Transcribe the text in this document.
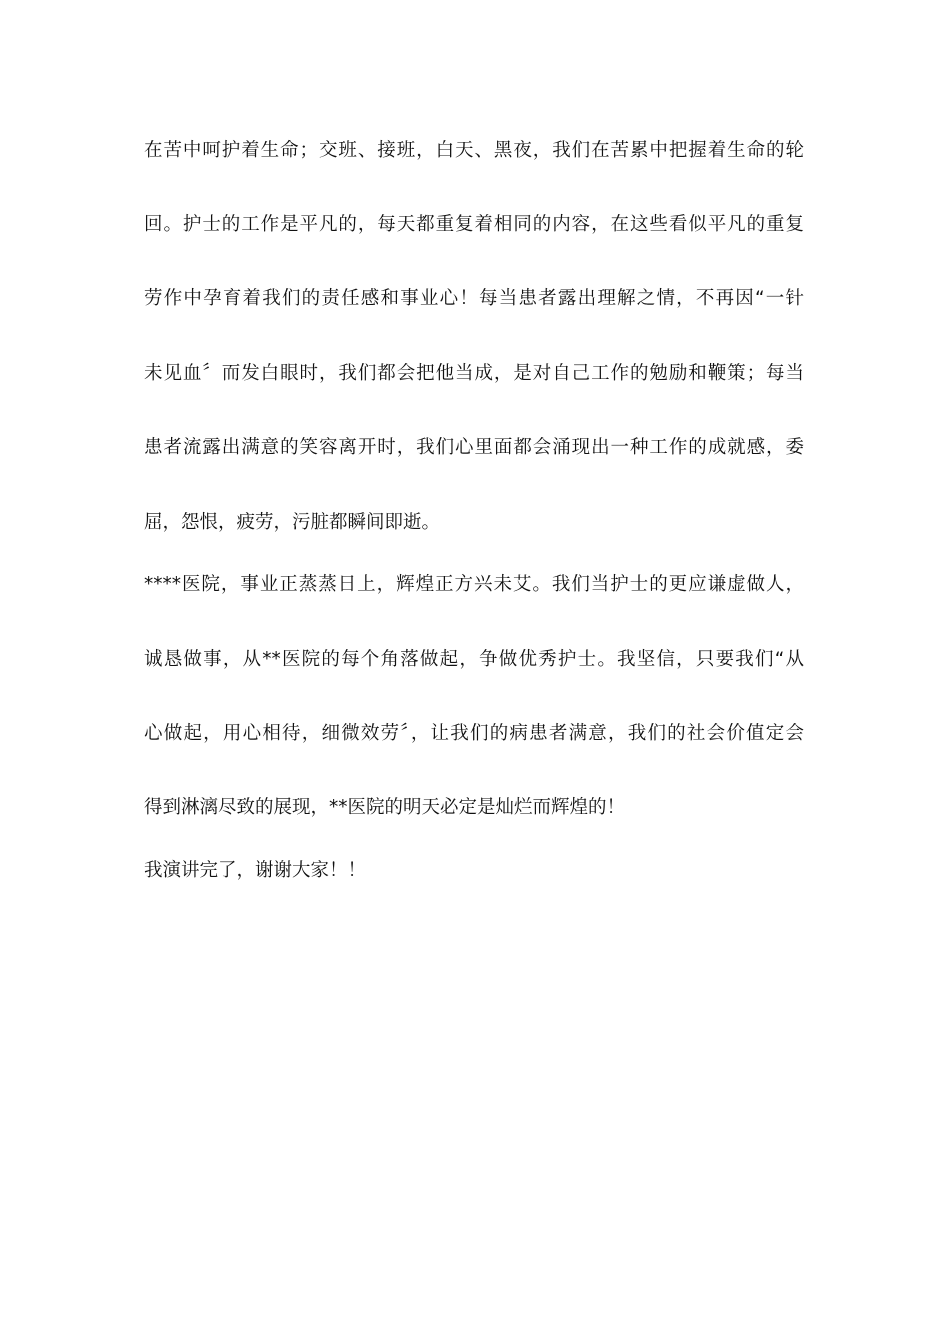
在苦中呵护着生命；交班、接班，白天、黑夜，我们在苦累中把握着生命的轮
回。护士的工作是平凡的，每天都重复着相同的内容，在这些看似平凡的重复
劳作中孕育着我们的责任感和事业心！每当患者露出理解之情，不再因“一针
未见血〞而发白眼时，我们都会把他当成，是对自己工作的勉励和鞭策；每当
患者流露出满意的笑容离开时，我们心里面都会涌现出一种工作的成就感，委
屈，怨恨，疲劳，污脏都瞬间即逝。
****医院，事业正蒸蒸日上，辉煌正方兴未艾。我们当护士的更应谦虚做人，
诚恳做事，从**医院的每个角落做起，争做优秀护士。我坚信，只要我们“从
心做起，用心相待，细微效劳〞，让我们的病患者满意，我们的社会价值定会
得到淋漓尽致的展现，**医院的明天必定是灿烂而辉煌的！
我演讲完了，谢谢大家！！
